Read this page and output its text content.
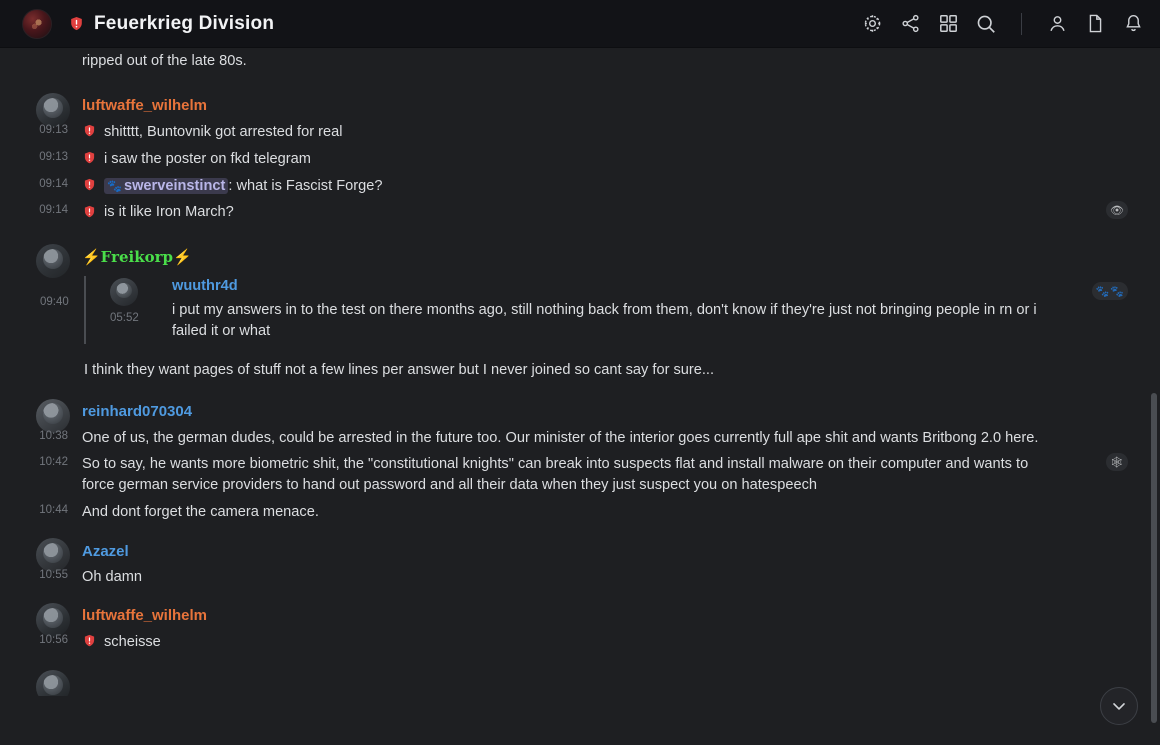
Feuerkrieg Division
ripped out of the late 80s.
luftwaffe_wilhelm
09:13 shitttt, Buntovnik got arrested for real
09:13 i saw the poster on fkd telegram
09:14	🐾 swerveinstinct : what is Fascist Forge?
09:14 is it like Iron March?	👁
⚡Freikorp⚡
09:40
🐾 🐾
wuuthr4d
i put my answers in to the test on there months ago, still nothing back from them, don't know if they're just not bringing people in rn or i failed it or what
05:52
I think they want pages of stuff not a few lines per answer but I never joined so cant say for sure...
reinhard070304
10:38 One of us, the german dudes, could be arrested in the future too. Our minister of the interior goes currently full ape shit and wants Britbong 2.0 here.
10:42 So to say, he wants more biometric shit, the "constitutional knights" can break into suspects flat and install malware on their computer and wants to force german service providers to hand out password and all their data when they just suspect you on hatespeech
🕸
10:44 And dont forget the camera menace.
Azazel
10:55 Oh damn
luftwaffe_wilhelm
10:56 scheisse
